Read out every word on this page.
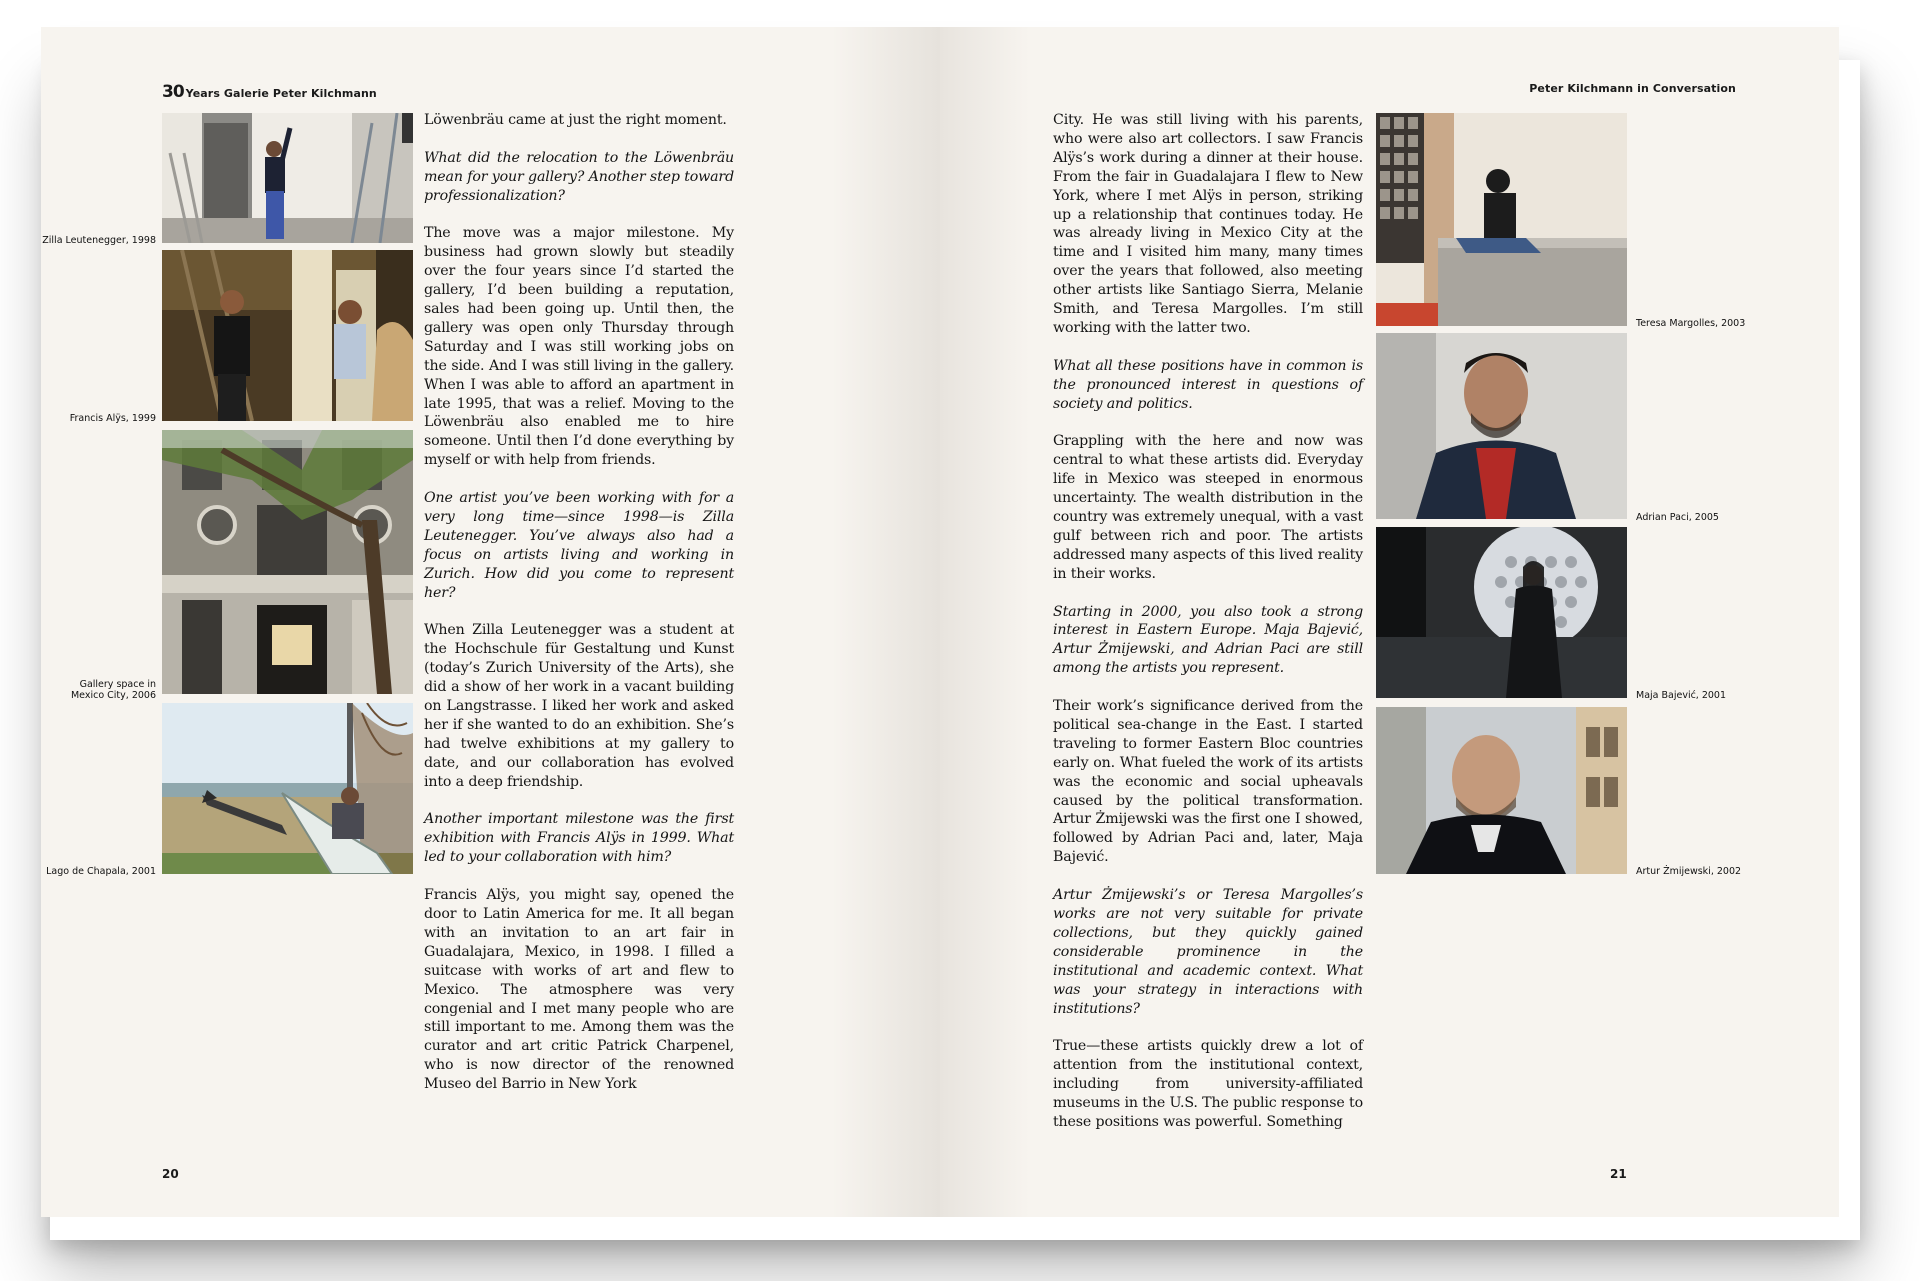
30 Years Galerie Peter Kilchmann
Zilla Leutenegger, 1998
Francis Alÿs, 1999
Gallery space in
Mexico City, 2006
Lago de Chapala, 2001

Löwenbräu came at just the right moment.

What did the relocation to the Löwenbräu mean for your gallery? Another step toward professionalization?

The move was a major milestone. My business had grown slowly but steadily over the four years since I’d started the gallery, I’d been building a reputation, sales had been going up. Until then, the gallery was open only Thursday through Saturday and I was still working jobs on the side. And I was still living in the gallery. When I was able to afford an apartment in late 1995, that was a relief. Moving to the Löwenbräu also enabled me to hire someone. Until then I’d done everything by myself or with help from friends.

One artist you’ve been working with for a very long time—since 1998—is Zilla Leutenegger. You’ve always also had a focus on artists living and working in Zurich. How did you come to represent her?

When Zilla Leutenegger was a student at the Hochschule für Gestaltung und Kunst (today’s Zurich University of the Arts), she did a show of her work in a vacant building on Langstrasse. I liked her work and asked her if she wanted to do an exhibition. She’s had twelve exhibitions at my gallery to date, and our collaboration has evolved into a deep friendship.

Another important milestone was the first exhibition with Francis Alÿs in 1999. What led to your collaboration with him?

Francis Alÿs, you might say, opened the door to Latin America for me. It all began with an invitation to an art fair in Guadalajara, Mexico, in 1998. I filled a suitcase with works of art and flew to Mexico. The atmosphere was very congenial and I met many people who are still important to me. Among them was the curator and art critic Patrick Charpenel, who is now director of the renowned Museo del Barrio in New York

20
Peter Kilchmann in Conversation

City. He was still living with his parents, who were also art collectors. I saw Francis Alÿs’s work during a dinner at their house. From the fair in Guadalajara I flew to New York, where I met Alÿs in person, striking up a relationship that continues today. He was already living in Mexico City at the time and I visited him many, many times over the years that followed, also meeting other artists like Santiago Sierra, Melanie Smith, and Teresa Margolles. I’m still working with the latter two.

What all these positions have in common is the pronounced interest in questions of society and politics.

Grappling with the here and now was central to what these artists did. Everyday life in Mexico was steeped in enormous uncertainty. The wealth distribution in the country was extremely unequal, with a vast gulf between rich and poor. The artists addressed many aspects of this lived reality in their works.

Starting in 2000, you also took a strong interest in Eastern Europe. Maja Bajević, Artur Żmijewski, and Adrian Paci are still among the artists you represent.

Their work’s significance derived from the political sea-change in the East. I started traveling to former Eastern Bloc countries early on. What fueled the work of its artists was the economic and social upheavals caused by the political transformation. Artur Żmijewski was the first one I showed, followed by Adrian Paci and, later, Maja Bajević.

Artur Żmijewski’s or Teresa Margolles’s works are not very suitable for private collections, but they quickly gained considerable prominence in the institutional and academic context. What was your strategy in interactions with institutions?

True—these artists quickly drew a lot of attention from the institutional context, including from university-affiliated museums in the U.S. The public response to these positions was powerful. Something

Teresa Margolles, 2003
Adrian Paci, 2005
Maja Bajević, 2001
Artur Żmijewski, 2002
21
